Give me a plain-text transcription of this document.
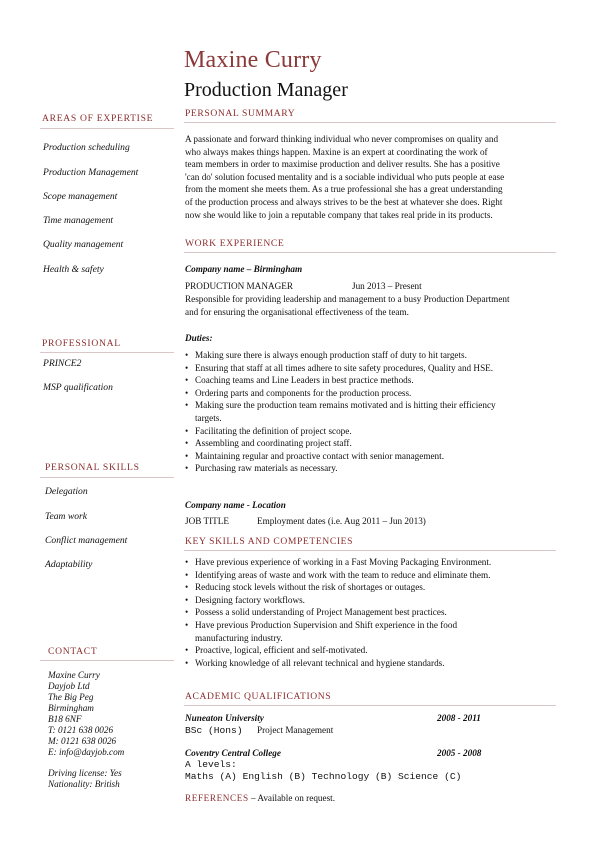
Maxine Curry
Production Manager
AREAS OF EXPERTISE
Production scheduling
Production Management
Scope management
Time management
Quality management
Health & safety
PROFESSIONAL
PRINCE2
MSP qualification
PERSONAL SKILLS
Delegation
Team work
Conflict management
Adaptability
CONTACT
Maxine Curry
Dayjob Ltd
The Big Peg
Birmingham
B18 6NF
T: 0121 638 0026
M: 0121 638 0026
E: info@dayjob.com
Driving license: Yes
Nationality: British
PERSONAL SUMMARY
A passionate and forward thinking individual who never compromises on quality and
who always makes things happen. Maxine is an expert at coordinating the work of
team members in order to maximise production and deliver results. She has a positive
'can do' solution focused mentality and is a sociable individual who puts people at ease
from the moment she meets them. As a true professional she has a great understanding
of the production process and always strives to be the best at whatever she does. Right
now she would like to join a reputable company that takes real pride in its products.
WORK EXPERIENCE
Company name – Birmingham
PRODUCTION MANAGER	Jun 2013 – Present
Responsible for providing leadership and management to a busy Production Department
and for ensuring the organisational effectiveness of the team.
Duties:
• Making sure there is always enough production staff of duty to hit targets.
• Ensuring that staff at all times adhere to site safety procedures, Quality and HSE.
• Coaching teams and Line Leaders in best practice methods.
• Ordering parts and components for the production process.
• Making sure the production team remains motivated and is hitting their efficiency targets.
• Facilitating the definition of project scope.
• Assembling and coordinating project staff.
• Maintaining regular and proactive contact with senior management.
• Purchasing raw materials as necessary.
Company name - Location
JOB TITLE	Employment dates (i.e. Aug 2011 – Jun 2013)
KEY SKILLS AND COMPETENCIES
• Have previous experience of working in a Fast Moving Packaging Environment.
• Identifying areas of waste and work with the team to reduce and eliminate them.
• Reducing stock levels without the risk of shortages or outages.
• Designing factory workflows.
• Possess a solid understanding of Project Management best practices.
• Have previous Production Supervision and Shift experience in the food manufacturing industry.
• Proactive, logical, efficient and self-motivated.
• Working knowledge of all relevant technical and hygiene standards.
ACADEMIC QUALIFICATIONS
Nuneaton University	2008 - 2011
BSc (Hons) Project Management
Coventry Central College	2005 - 2008
A levels:
Maths (A) English (B) Technology (B) Science (C)
REFERENCES – Available on request.
